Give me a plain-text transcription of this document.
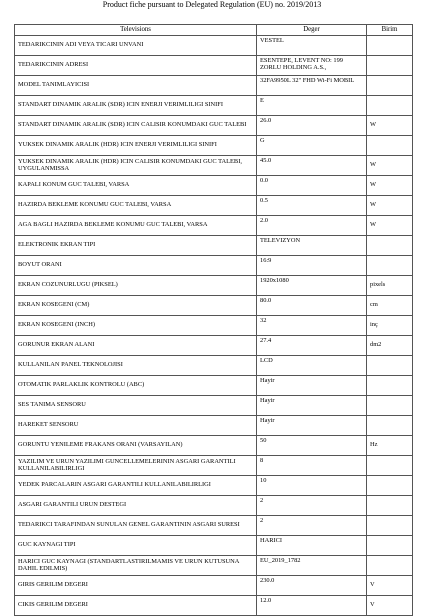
Product fiche pursuant to Delegated Regulation (EU) no. 2019/2013
Televisions	Deger	Birim
TEDARIKCININ ADI VEYA TICARI UNVANI	VESTEL	
TEDARIKCININ ADRESI	ESENTEPE, LEVENT NO: 199 ZORLU HOLDING A.S.,	
MODEL TANIMLAYICISI	32FA9950L 32" FHD Wi-Fi MOBIL	
STANDART DINAMIK ARALIK (SDR) ICIN ENERJI VERIMLILIGI SINIFI	E	
STANDART DINAMIK ARALIK (SDR) ICIN CALISIR KONUMDAKI GUC TALEBI	26.0	W
YUKSEK DINAMIK ARALIK (HDR) ICIN ENERJI VERIMLILIGI SINIFI	G	
YUKSEK DINAMIK ARALIK (HDR) ICIN CALISIR KONUMDAKI GUC TALEBI, UYGULANMISSA	45.0	W
KAPALI KONUM GUC TALEBI, VARSA	0.0	W
HAZIRDA BEKLEME KONUMU GUC TALEBI, VARSA	0.5	W
AGA BAGLI HAZIRDA BEKLEME KONUMU GUC TALEBI, VARSA	2.0	W
ELEKTRONIK EKRAN TIPI	TELEVIZYON	
BOYUT ORANI	16:9	
EKRAN COZUNURLUGU (PIKSEL)	1920x1080	pixels
EKRAN KOSEGENI (CM)	80.0	cm
EKRAN KOSEGENI (INCH)	32	inç
GORUNUR EKRAN ALANI	27.4	dm2
KULLANILAN PANEL TEKNOLOJISI	LCD	
OTOMATIK PARLAKLIK KONTROLU (ABC)	Hayir	
SES TANIMA SENSORU	Hayir	
HAREKET SENSORU	Hayir	
GORUNTU YENILEME FRAKANS ORANI (VARSAYILAN)	50	Hz
YAZILIM VE URUN YAZILIMI GUNCELLEMELERININ ASGARI GARANTILI KULLANILABILIRLIGI	8	
YEDEK PARCALARIN ASGARI GARANTILI KULLANILABILIRLIGI	10	
ASGARI GARANTILI URUN DESTEGI	2	
TEDARIKCI TARAFINDAN SUNULAN GENEL GARANTININ ASGARI SURESI	2	
GUC KAYNAGI TIPI	HARICI	
HARICI GUC KAYNAGI (STANDARTLASTIRILMAMIS VE URUN KUTUSUNA DAHIL EDILMIS)	EU_2019_1782	
GIRIS GERILIM DEGERI	230.0	V
CIKIS GERILIM DEGERI	12.0	V
